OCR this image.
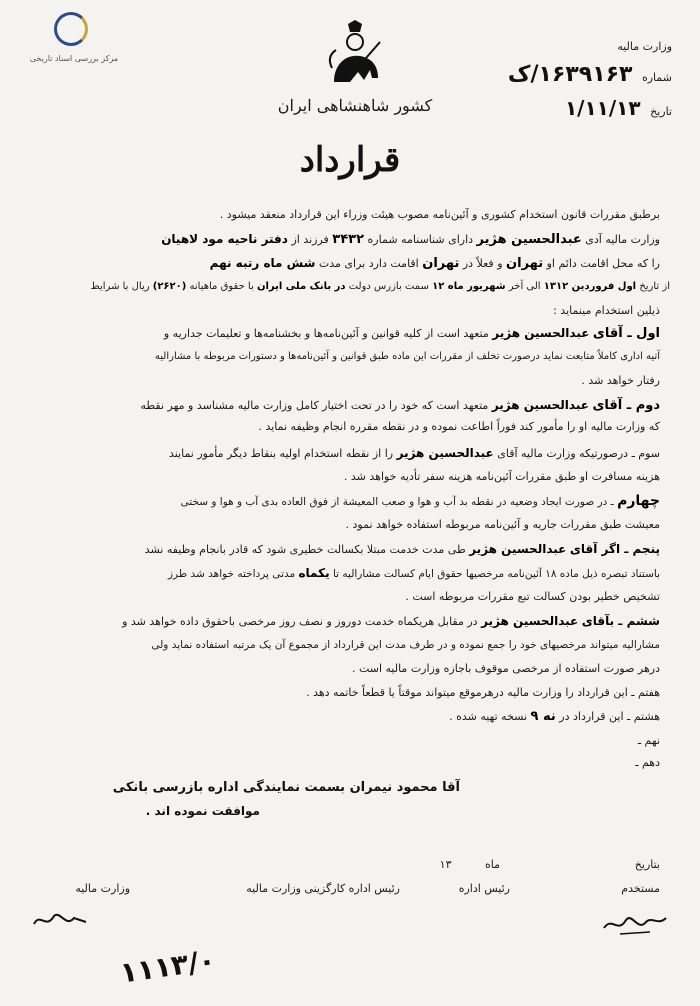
مرکز بررسی اسناد تاریخی
وزارت مالیه
شماره ۱۶۳۹۱۶۳/ک
تاریخ ۱/۱۱/۱۳
کشور شاهنشاهی ایران
قرارداد
برطبق مقررات قانون استخدام کشوری و آئین‌نامه مصوب هیئت وزراء این قرارداد منعقد میشود .
وزارت مالیه آدی عبدالحسین هژیر دارای شناسنامه شماره ۳۴۳۲ فرزند از دفتر ناحیه مود لاهیان
را که محل اقامت دائم او تهران و فعلاً در تهران اقامت دارد برای مدت شش ماه رتبه نهم
از تاریخ اول فروردین ۱۳۱۲ الی آخر شهریور ماه ۱۲ سمت بازرس دولت در بانک ملی ایران با حقوق ماهیانه (۲۶۲۰) ریال با شرایط
ذیلین استخدام مینماید :
اول ـ آقای عبدالحسین هژیر متعهد است از کلیه قوانین و آئین‌نامه‌ها و بخشنامه‌ها و تعلیمات جداریه و
آتیه اداری کاملاً متابعت نماید درصورت تخلف از مقررات این ماده طبق قوانین و آئین‌نامه‌ها و دستورات مربوطه با مشارالیه
رفتار خواهد شد .
دوم ـ آقای عبدالحسین هژیر متعهد است که خود را در تحت اختیار کامل وزارت مالیه مشناسد و مهر نقطه
که وزارت مالیه او را مأمور کند فوراً اطاعت نموده و در نقطه مقرره انجام وظیفه نماید .
سوم ـ درصورتیکه وزارت مالیه آقای عبدالحسین هژیر را از نقطه استخدام اولیه بنقاط دیگر مأمور نمایند
هزینه مسافرت او طبق مقررات آئین‌نامه هزینه سفر تأدیه خواهد شد .
چهارم ـ در صورت ایجاد وضعیه در نقطه بد آب و هوا و صعب المعیشة از فوق العاده بدی آب و هوا و سختی
معیشت طبق مقررات جاریه و آئین‌نامه مربوطه استفاده خواهد نمود .
پنجم ـ اگر آقای عبدالحسین هژیر طی مدت خدمت مبتلا بکسالت خطیری شود که قادر بانجام وظیفه نشد
باستناد تبصره ذیل ماده ۱۸ آئین‌نامه مرخصیها حقوق ایام کسالت مشارالیه تا یکماه مدتی پرداخته خواهد شد طرز
تشخیص خطیر بودن کسالت تبع مقررات مربوطه است .
ششم ـ بآقای عبدالحسین هژیر در مقابل هریکماه خدمت دوروز و نصف روز مرخصی باحقوق داده خواهد شد و
مشارالیه میتواند مرخصیهای خود را جمع نموده و در طرف مدت این قرارداد از مجموع آن یک مرتبه استفاده نماید ولی
درهر صورت استفاده از مرخصی موقوف باجازه وزارت مالیه است .
هفتم ـ این قرارداد را وزارت مالیه درهرموقع میتواند موقتاً یا قطعاً خاتمه دهد .
هشتم ـ این قرارداد در نه ۹ نسخه تهیه شده .
نهم ـ
دهم ـ
آقا محمود نیمران بسمت نمایندگی اداره بازرسی بانکی
موافقت نموده اند .
بتاریخ
ماه ۱۳
مستخدم
رئیس اداره
رئیس اداره کارگزینی وزارت مالیه
وزارت مالیه
۱۱۱۳/۰
